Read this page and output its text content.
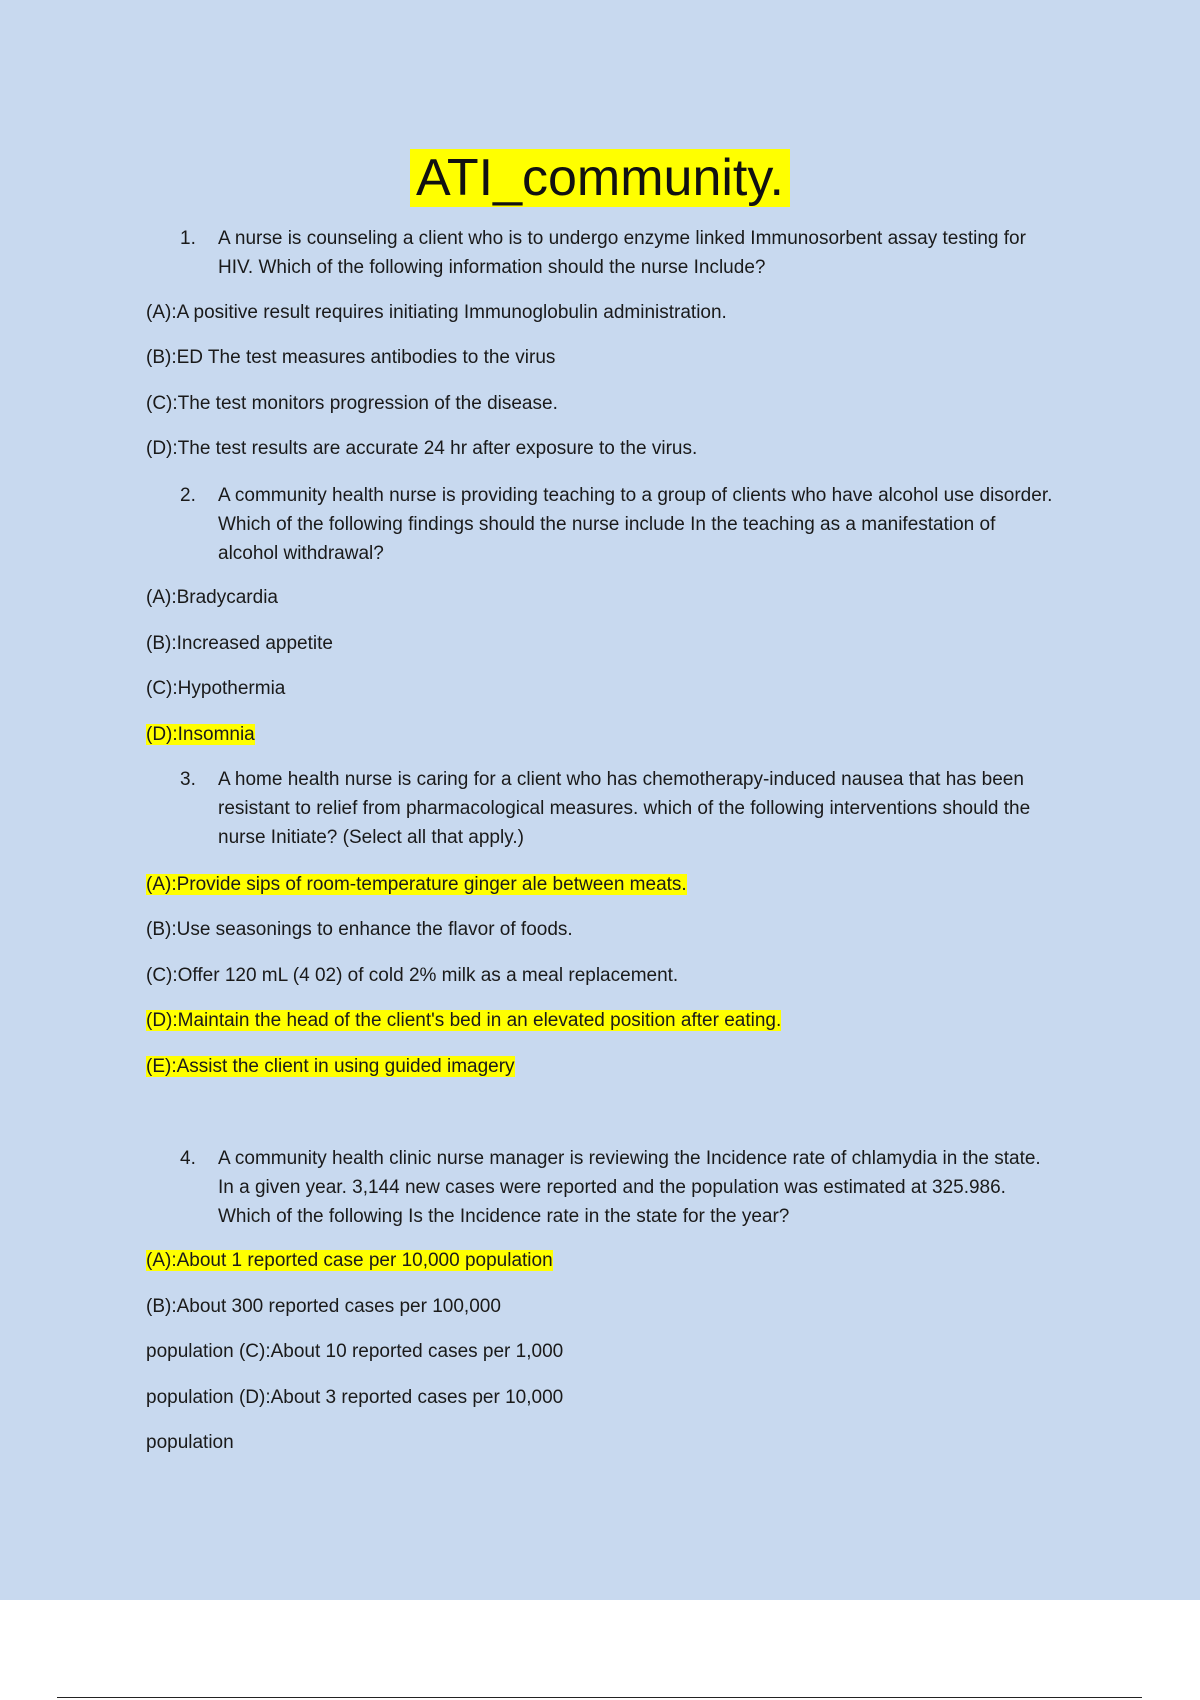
ATI_community.
1.	A nurse is counseling a client who is to undergo enzyme linked Immunosorbent assay testing for HIV. Which of the following information should the nurse Include?
(A):A positive result requires initiating Immunoglobulin administration.
(B):ED The test measures antibodies to the virus
(C):The test monitors progression of the disease.
(D):The test results are accurate 24 hr after exposure to the virus.
2.	A community health nurse is providing teaching to a group of clients who have alcohol use disorder. Which of the following findings should the nurse include In the teaching as a manifestation of alcohol withdrawal?
(A):Bradycardia
(B):Increased appetite
(C):Hypothermia
(D):Insomnia
3.	A home health nurse is caring for a client who has chemotherapy-induced nausea that has been resistant to relief from pharmacological measures. which of the following interventions should the nurse Initiate? (Select all that apply.)
(A):Provide sips of room-temperature ginger ale between meats.
(B):Use seasonings to enhance the flavor of foods.
(C):Offer 120 mL (4 02) of cold 2% milk as a meal replacement.
(D):Maintain the head of the client's bed in an elevated position after eating.
(E):Assist the client in using guided imagery
4.	A community health clinic nurse manager is reviewing the Incidence rate of chlamydia in the state. In a given year. 3,144 new cases were reported and the population was estimated at 325.986. Which of the following Is the Incidence rate in the state for the year?
(A):About 1 reported case per 10,000 population
(B):About 300 reported cases per 100,000
population (C):About 10 reported cases per 1,000
population (D):About 3 reported cases per 10,000
population
